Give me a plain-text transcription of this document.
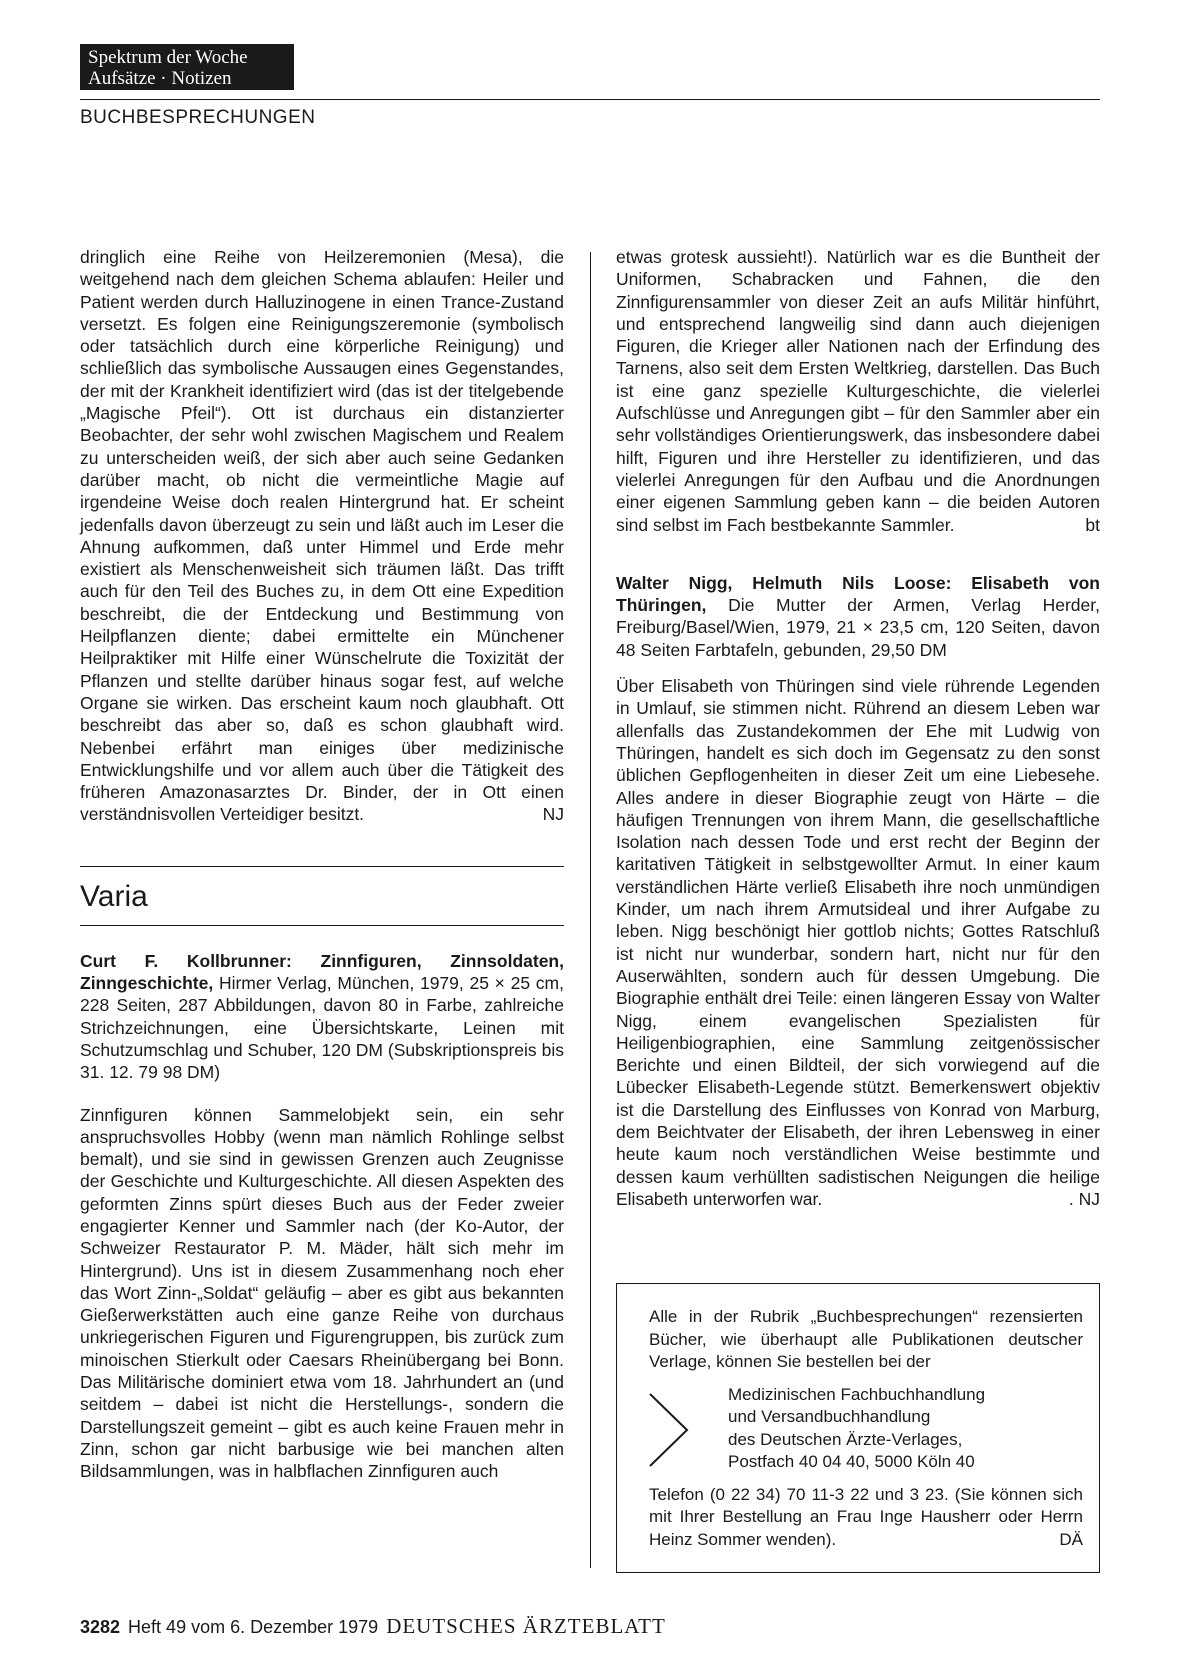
Spektrum der Woche
Aufsätze · Notizen
BUCHBESPRECHUNGEN

dringlich eine Reihe von Heilzeremonien (Mesa), die weitgehend nach dem gleichen Schema ablaufen: Heiler und Patient werden durch Halluzinogene in einen Trance-Zustand versetzt. Es folgen eine Reinigungszeremonie (symbolisch oder tatsächlich durch eine körperliche Reinigung) und schließlich das symbolische Aussaugen eines Gegenstandes, der mit der Krankheit identifiziert wird (das ist der titelgebende „Magische Pfeil“). Ott ist durchaus ein distanzierter Beobachter, der sehr wohl zwischen Magischem und Realem zu unterscheiden weiß, der sich aber auch seine Gedanken darüber macht, ob nicht die vermeintliche Magie auf irgendeine Weise doch realen Hintergrund hat. Er scheint jedenfalls davon überzeugt zu sein und läßt auch im Leser die Ahnung aufkommen, daß unter Himmel und Erde mehr existiert als Menschenweisheit sich träumen läßt. Das trifft auch für den Teil des Buches zu, in dem Ott eine Expedition beschreibt, die der Entdeckung und Bestimmung von Heilpflanzen diente; dabei ermittelte ein Münchener Heilpraktiker mit Hilfe einer Wünschelrute die Toxizität der Pflanzen und stellte darüber hinaus sogar fest, auf welche Organe sie wirken. Das erscheint kaum noch glaubhaft. Ott beschreibt das aber so, daß es schon glaubhaft wird. Nebenbei erfährt man einiges über medizinische Entwicklungshilfe und vor allem auch über die Tätigkeit des früheren Amazonasarztes Dr. Binder, der in Ott einen verständnisvollen Verteidiger besitzt.	NJ

Varia

Curt F. Kollbrunner: Zinnfiguren, Zinnsoldaten, Zinngeschichte, Hirmer Verlag, München, 1979, 25 × 25 cm, 228 Seiten, 287 Abbildungen, davon 80 in Farbe, zahlreiche Strichzeichnungen, eine Übersichtskarte, Leinen mit Schutzumschlag und Schuber, 120 DM (Subskriptionspreis bis 31. 12. 79 98 DM)

Zinnfiguren können Sammelobjekt sein, ein sehr anspruchsvolles Hobby (wenn man nämlich Rohlinge selbst bemalt), und sie sind in gewissen Grenzen auch Zeugnisse der Geschichte und Kulturgeschichte. All diesen Aspekten des geformten Zinns spürt dieses Buch aus der Feder zweier engagierter Kenner und Sammler nach (der Ko-Autor, der Schweizer Restaurator P. M. Mäder, hält sich mehr im Hintergrund). Uns ist in diesem Zusammenhang noch eher das Wort Zinn-„Soldat“ geläufig – aber es gibt aus bekannten Gießerwerkstätten auch eine ganze Reihe von durchaus unkriegerischen Figuren und Figurengruppen, bis zurück zum minoischen Stierkult oder Caesars Rheinübergang bei Bonn. Das Militärische dominiert etwa vom 18. Jahrhundert an (und seitdem – dabei ist nicht die Herstellungs-, sondern die Darstellungszeit gemeint – gibt es auch keine Frauen mehr in Zinn, schon gar nicht barbusige wie bei manchen alten Bildsammlungen, was in halbflachen Zinnfiguren auch

etwas grotesk aussieht!). Natürlich war es die Buntheit der Uniformen, Schabracken und Fahnen, die den Zinnfigurensammler von dieser Zeit an aufs Militär hinführt, und entsprechend langweilig sind dann auch diejenigen Figuren, die Krieger aller Nationen nach der Erfindung des Tarnens, also seit dem Ersten Weltkrieg, darstellen. Das Buch ist eine ganz spezielle Kulturgeschichte, die vielerlei Aufschlüsse und Anregungen gibt – für den Sammler aber ein sehr vollständiges Orientierungswerk, das insbesondere dabei hilft, Figuren und ihre Hersteller zu identifizieren, und das vielerlei Anregungen für den Aufbau und die Anordnungen einer eigenen Sammlung geben kann – die beiden Autoren sind selbst im Fach bestbekannte Sammler.	bt

Walter Nigg, Helmuth Nils Loose: Elisabeth von Thüringen, Die Mutter der Armen, Verlag Herder, Freiburg/Basel/Wien, 1979, 21 × 23,5 cm, 120 Seiten, davon 48 Seiten Farbtafeln, gebunden, 29,50 DM

Über Elisabeth von Thüringen sind viele rührende Legenden in Umlauf, sie stimmen nicht. Rührend an diesem Leben war allenfalls das Zustandekommen der Ehe mit Ludwig von Thüringen, handelt es sich doch im Gegensatz zu den sonst üblichen Gepflogenheiten in dieser Zeit um eine Liebesehe. Alles andere in dieser Biographie zeugt von Härte – die häufigen Trennungen von ihrem Mann, die gesellschaftliche Isolation nach dessen Tode und erst recht der Beginn der karitativen Tätigkeit in selbstgewollter Armut. In einer kaum verständlichen Härte verließ Elisabeth ihre noch unmündigen Kinder, um nach ihrem Armutsideal und ihrer Aufgabe zu leben. Nigg beschönigt hier gottlob nichts; Gottes Ratschluß ist nicht nur wunderbar, sondern hart, nicht nur für den Auserwählten, sondern auch für dessen Umgebung. Die Biographie enthält drei Teile: einen längeren Essay von Walter Nigg, einem evangelischen Spezialisten für Heiligenbiographien, eine Sammlung zeitgenössischer Berichte und einen Bildteil, der sich vorwiegend auf die Lübecker Elisabeth-Legende stützt. Bemerkenswert objektiv ist die Darstellung des Einflusses von Konrad von Marburg, dem Beichtvater der Elisabeth, der ihren Lebensweg in einer heute kaum noch verständlichen Weise bestimmte und dessen kaum verhüllten sadistischen Neigungen die heilige Elisabeth unterworfen war.	. NJ

Alle in der Rubrik „Buchbesprechungen“ rezensierten Bücher, wie überhaupt alle Publikationen deutscher Verlage, können Sie bestellen bei der

Medizinischen Fachbuchhandlung
und Versandbuchhandlung
des Deutschen Ärzte-Verlages,
Postfach 40 04 40, 5000 Köln 40

Telefon (0 22 34) 70 11-3 22 und 3 23. (Sie können sich mit Ihrer Bestellung an Frau Inge Hausherr oder Herrn Heinz Sommer wenden).	DÄ

3282 Heft 49 vom 6. Dezember 1979 DEUTSCHES ÄRZTEBLATT
